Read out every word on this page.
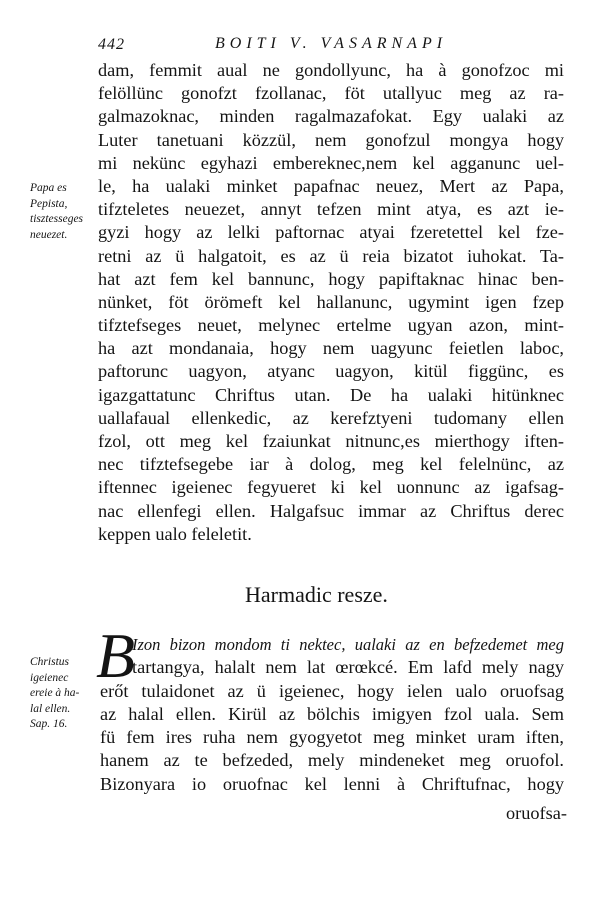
442	BOITI V. VASARNAPI
Papa es
Pepista,
tisztesseges
neuezet.
dam, femmit aual ne gondollyunc, ha à gonofzoc mi
felöllünc gonofzt fzollanac, föt utallyuc meg az ra-
galmazoknac, minden ragalmazafokat. Egy ualaki az
Luter tanetuani közzül, nem gonofzul mongya hogy
mi nekünc egyhazi embereknec,nem kel agganunc uel-
le, ha ualaki minket papafnac neuez, Mert az Papa,
tifzteletes neuezet, annyt tefzen mint atya, es azt ie-
gyzi hogy az lelki paftornac atyai fzeretettel kel fze-
retni az ü halgatoit, es az ü reia bizatot iuhokat. Ta-
hat azt fem kel bannunc, hogy papiftaknac hinac ben-
nünket, föt örömeft kel hallanunc, ugymint igen fzep
tifztefseges neuet, melynec ertelme ugyan azon, mint-
ha azt mondanaia, hogy nem uagyunc feietlen laboc,
paftorunc uagyon, atyanc uagyon, kitül figgünc, es
igazgattatunc Chriftus utan. De ha ualaki hitünknec
uallafaual ellenkedic, az kerefztyeni tudomany ellen
fzol, ott meg kel fzaiunkat nitnunc,es mierthogy iften-
nec tifztefsegebe iar à dolog, meg kel felelnünc, az
iftennec igeienec fegyueret ki kel uonnunc az igafsag-
nac ellenfegi ellen. Halgafsuc immar az Chriftus derec
keppen ualo feleletit.
Harmadic resze.
B
Christus
igeienec
ereie à ha-
lal ellen.
Sap. 16.
Izon bizon mondom ti nektec, ualaki az en befzedemet meg
tartangya, halalt nem lat œrœkcé. Em lafd mely nagy
erőt tulaidonet az ü igeienec, hogy ielen ualo oruofsag
az halal ellen. Kirül az bölchis imigyen fzol uala. Sem
fü fem ires ruha nem gyogyetot meg minket uram iften,
hanem az te befzeded, mely mindeneket meg oruofol.
Bizonyara io oruofnac kel lenni à Chriftufnac, hogy
oruofsa-
